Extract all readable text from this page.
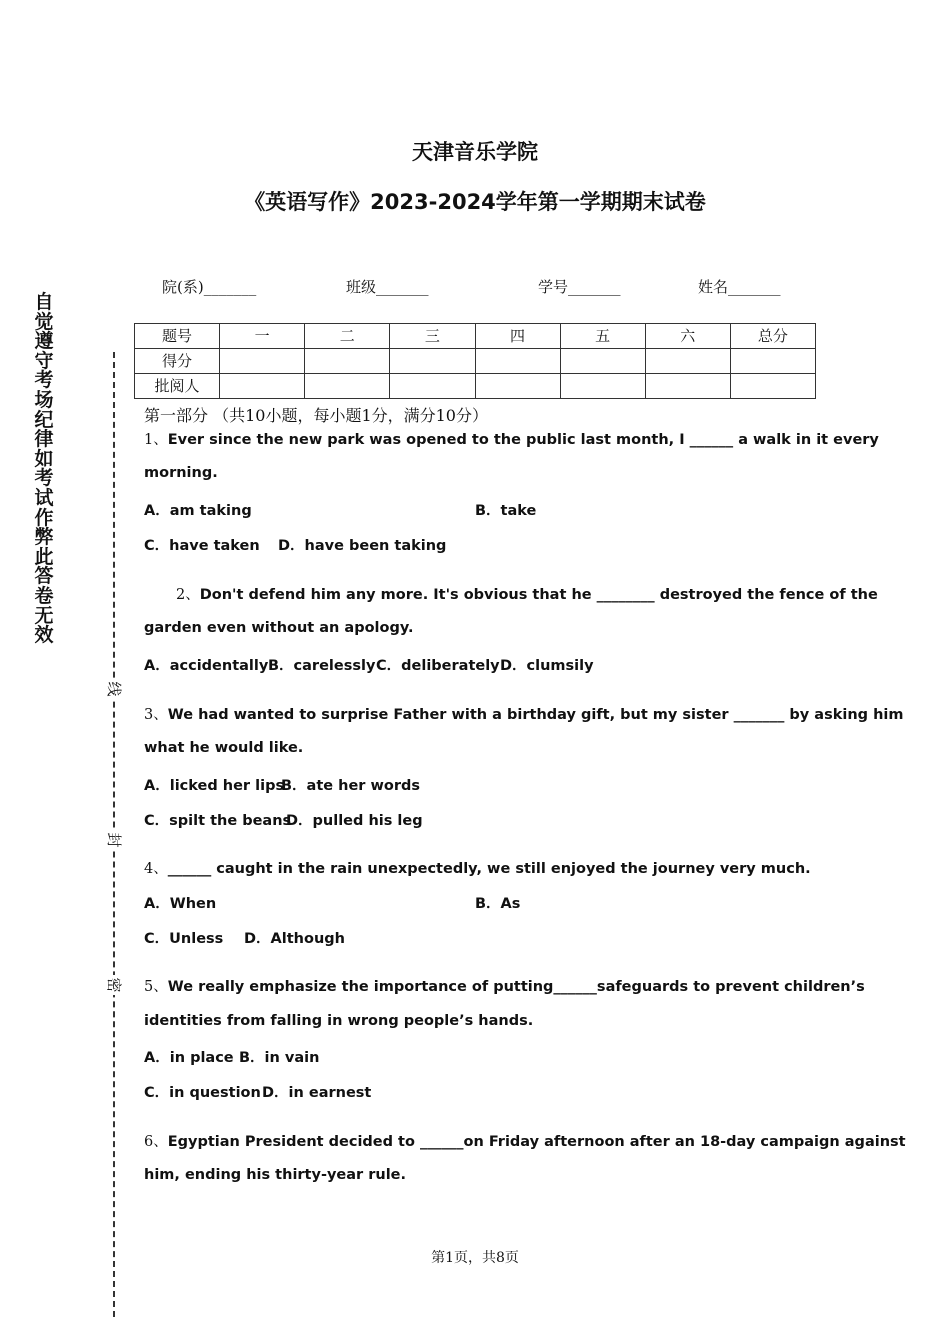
天津音乐学院
《英语写作》2023-2024学年第一学期期末试卷
院(系)_______	班级_______	学号_______	姓名_______
题号	一	二	三	四	五	六	总分
得分							
批阅人							
自觉遵守考场纪律如考试作弊此答卷无效
线
封
密
第一部分 （共10小题，每小题1分，满分10分）
1、Ever since the new park was opened to the public last month, I ______ a walk in it every
morning.
A．am taking	B．take
C．have taken D．have been taking
2、Don't defend him any more. It's obvious that he ________ destroyed the fence of the
garden even without an apology.
A．accidentally B．carelessly C．deliberately D．clumsily
3、We had wanted to surprise Father with a birthday gift, but my sister _______ by asking him
what he would like.
A．licked her lips
B．ate her words
C．spilt the beans
D．pulled his leg
4、______ caught in the rain unexpectedly, we still enjoyed the journey very much.
A．When	B．As
C．Unless D．Although
5、We really emphasize the importance of putting______safeguards to prevent children’s
identities from falling in wrong people’s hands.
A．in place B．in vain
C．in question D．in earnest
6、Egyptian President decided to ______on Friday afternoon after an 18-day campaign against
him, ending his thirty-year rule.
第1页，共8页
